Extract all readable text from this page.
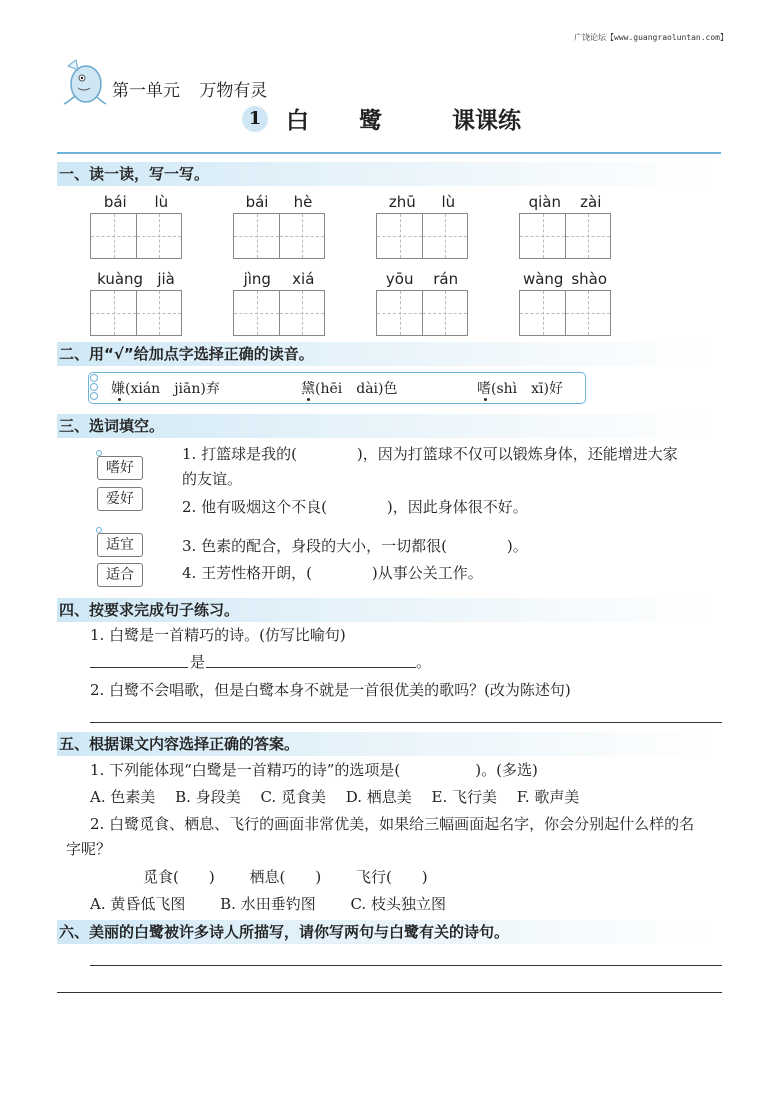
广饶论坛【www.guangraoluntan.com】
第一单元 万物有灵
1 白 鹭	课课练
一、读一读，写一写。
bái lù	bái hè	zhū lù	qiàn zài
kuàng jià	jìng xiá	yōu rán	wàng shào
二、用“√”给加点字选择正确的读音。
嫌(xián　jiān)弃	黛(hēi　dài)色	嗜(shì　xī)好
三、选词填空。
嗜好
爱好
适宜
适合
1. 打篮球是我的(　　　　)，因为打篮球不仅可以锻炼身体，还能增进大家
的友谊。
2. 他有吸烟这个不良(　　　　)，因此身体很不好。
3. 色素的配合，身段的大小，一切都很(　　　　)。
4. 王芳性格开朗，(　　　　)从事公关工作。
四、按要求完成句子练习。
1. 白鹭是一首精巧的诗。(仿写比喻句)
是	。
2. 白鹭不会唱歌，但是白鹭本身不就是一首很优美的歌吗？(改为陈述句)
五、根据课文内容选择正确的答案。
1. 下列能体现“白鹭是一首精巧的诗”的选项是(　　　　　)。(多选)
A. 色素美　 B. 身段美　 C. 觅食美　 D. 栖息美　 E. 飞行美　 F. 歌声美
2. 白鹭觅食、栖息、飞行的画面非常优美，如果给三幅画面起名字，你会分别起什么样的名
字呢？
觅食(　　)　　 栖息(　　)　　 飞行(　　)
A. 黄昏低飞图　　 B. 水田垂钓图　　 C. 枝头独立图
六、美丽的白鹭被许多诗人所描写，请你写两句与白鹭有关的诗句。
